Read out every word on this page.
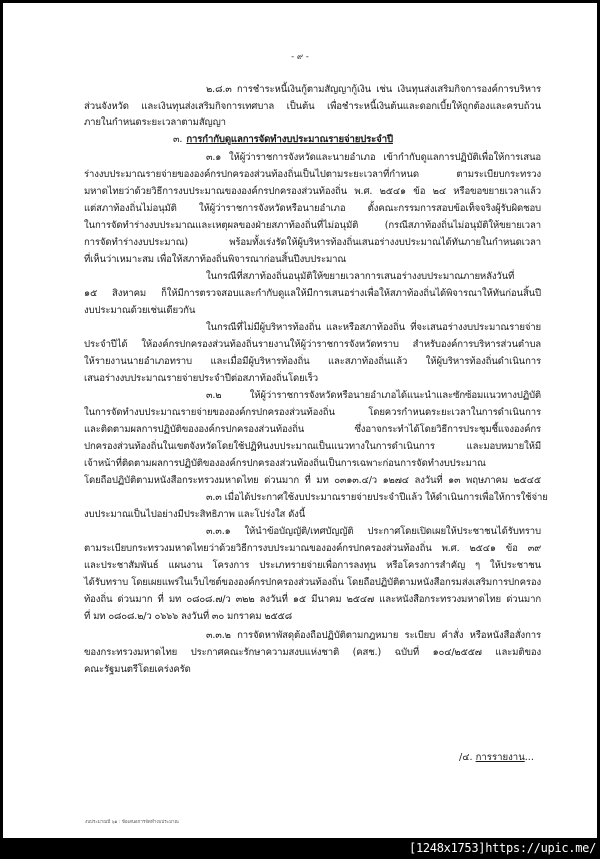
- ๙ -
๒.๘.๓ การชำระหนี้เงินกู้ตามสัญญากู้เงิน เช่น เงินทุนส่งเสริมกิจการองค์การบริหาร
ส่วนจังหวัด และเงินทุนส่งเสริมกิจการเทศบาล เป็นต้น เพื่อชำระหนี้เงินต้นและดอกเบี้ยให้ถูกต้องและครบถ้วน
ภายในกำหนดระยะเวลาตามสัญญา
๓. การกำกับดูแลการจัดทำงบประมาณรายจ่ายประจำปี
๓.๑ ให้ผู้ว่าราชการจังหวัดและนายอำเภอ เข้ากำกับดูแลการปฏิบัติเพื่อให้การเสนอ
ร่างงบประมาณรายจ่ายขององค์กรปกครองส่วนท้องถิ่นเป็นไปตามระยะเวลาที่กำหนด ตามระเบียบกระทรวง
มหาดไทยว่าด้วยวิธีการงบประมาณขององค์กรปกครองส่วนท้องถิ่น พ.ศ. ๒๕๔๑ ข้อ ๒๔ หรือขอขยายเวลาแล้ว
แต่สภาท้องถิ่นไม่อนุมัติ ให้ผู้ว่าราชการจังหวัดหรือนายอำเภอ ตั้งคณะกรรมการสอบข้อเท็จจริงผู้รับผิดชอบ
ในการจัดทำร่างงบประมาณและเหตุผลของฝ่ายสภาท้องถิ่นที่ไม่อนุมัติ (กรณีสภาท้องถิ่นไม่อนุมัติให้ขยายเวลา
การจัดทำร่างงบประมาณ) พร้อมทั้งเร่งรัดให้ผู้บริหารท้องถิ่นเสนอร่างงบประมาณได้ทันภายในกำหนดเวลา
ที่เห็นว่าเหมาะสม เพื่อให้สภาท้องถิ่นพิจารณาก่อนสิ้นปีงบประมาณ
ในกรณีที่สภาท้องถิ่นอนุมัติให้ขยายเวลาการเสนอร่างงบประมาณภายหลังวันที่
๑๕ สิงหาคม ก็ให้มีการตรวจสอบและกำกับดูแลให้มีการเสนอร่างเพื่อให้สภาท้องถิ่นได้พิจารณาให้ทันก่อนสิ้นปี
งบประมาณด้วยเช่นเดียวกัน
ในกรณีที่ไม่มีผู้บริหารท้องถิ่น และหรือสภาท้องถิ่น ที่จะเสนอร่างงบประมาณรายจ่าย
ประจำปีได้ ให้องค์กรปกครองส่วนท้องถิ่นรายงานให้ผู้ว่าราชการจังหวัดทราบ สำหรับองค์การบริหารส่วนตำบล
ให้รายงานนายอำเภอทราบ และเมื่อมีผู้บริหารท้องถิ่น และสภาท้องถิ่นแล้ว ให้ผู้บริหารท้องถิ่นดำเนินการ
เสนอร่างงบประมาณรายจ่ายประจำปีต่อสภาท้องถิ่นโดยเร็ว
๓.๒ ให้ผู้ว่าราชการจังหวัดหรือนายอำเภอได้แนะนำและซักซ้อมแนวทางปฏิบัติ
ในการจัดทำงบประมาณรายจ่ายขององค์กรปกครองส่วนท้องถิ่น โดยควรกำหนดระยะเวลาในการดำเนินการ
และติดตามผลการปฏิบัติขององค์กรปกครองส่วนท้องถิ่น ซึ่งอาจกระทำได้โดยวิธีการประชุมชี้แจงองค์กร
ปกครองส่วนท้องถิ่นในเขตจังหวัดโดยใช้ปฏิทินงบประมาณเป็นแนวทางในการดำเนินการ และมอบหมายให้มี
เจ้าหน้าที่ติดตามผลการปฏิบัติขององค์กรปกครองส่วนท้องถิ่นเป็นการเฉพาะก่อนการจัดทำงบประมาณ
โดยถือปฏิบัติตามหนังสือกระทรวงมหาดไทย ด่วนมาก ที่ มท ๐๓๑๓.๔/ว ๑๒๗๔ ลงวันที่ ๑๓ พฤษภาคม ๒๕๔๕
๓.๓ เมื่อได้ประกาศใช้งบประมาณรายจ่ายประจำปีแล้ว ให้ดำเนินการเพื่อให้การใช้จ่าย
งบประมาณเป็นไปอย่างมีประสิทธิภาพ และโปร่งใส ดังนี้
๓.๓.๑ ให้นำข้อบัญญัติ/เทศบัญญัติ ประกาศโดยเปิดเผยให้ประชาชนได้รับทราบ
ตามระเบียบกระทรวงมหาดไทยว่าด้วยวิธีการงบประมาณขององค์กรปกครองส่วนท้องถิ่น พ.ศ. ๒๕๔๑ ข้อ ๓๙
และประชาสัมพันธ์ แผนงาน โครงการ ประเภทรายจ่ายเพื่อการลงทุน หรือโครงการสำคัญ ๆ ให้ประชาชน
ได้รับทราบ โดยเผยแพร่ในเว็บไซต์ขององค์กรปกครองส่วนท้องถิ่น โดยถือปฏิบัติตามหนังสือกรมส่งเสริมการปกครอง
ท้องถิ่น ด่วนมาก ที่ มท ๐๘๐๘.๗/ว ๓๒๒ ลงวันที่ ๑๕ มีนาคม ๒๕๔๗ และหนังสือกระทรวงมหาดไทย ด่วนมาก
ที่ มท ๐๘๐๘.๒/ว ๐๖๖๖ ลงวันที่ ๓๐ มกราคม ๒๕๕๘
๓.๓.๒ การจัดหาพัสดุต้องถือปฏิบัติตามกฎหมาย ระเบียบ คำสั่ง หรือหนังสือสั่งการ
ของกระทรวงมหาดไทย ประกาศคณะรักษาความสงบแห่งชาติ (คสช.) ฉบับที่ ๑๐๔/๒๕๕๗ และมติของ
คณะรัฐมนตรีโดยเคร่งครัด
/๔. การรายงาน...
งบประมาณปี ๖๑ : ข้อเสนอการจัดทำงบประมาณ
[1248x1753]https://upic.me/
